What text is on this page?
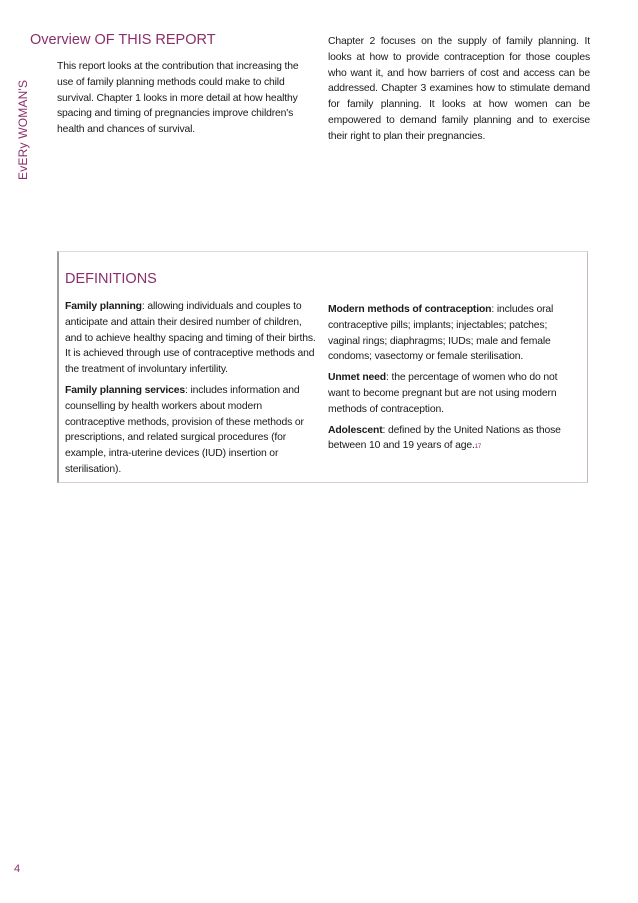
EvERy WOMAN'S
Overview OF THIS REPORT
This report looks at the contribution that increasing the use of family planning methods could make to child survival. Chapter 1 looks in more detail at how healthy spacing and timing of pregnancies improve children's health and chances of survival.
Chapter 2 focuses on the supply of family planning. It looks at how to provide contraception for those couples who want it, and how barriers of cost and access can be addressed. Chapter 3 examines how to stimulate demand for family planning. It looks at how women can be empowered to demand family planning and to exercise their right to plan their pregnancies.
DEFINITIONS

Family planning: allowing individuals and couples to anticipate and attain their desired number of children, and to achieve healthy spacing and timing of their births. It is achieved through use of contraceptive methods and the treatment of involuntary infertility.

Family planning services: includes information and counselling by health workers about modern contraceptive methods, provision of these methods or prescriptions, and related surgical procedures (for example, intra-uterine devices (IUD) insertion or sterilisation).

Modern methods of contraception: includes oral contraceptive pills; implants; injectables; patches; vaginal rings; diaphragms; IUDs; male and female condoms; vasectomy or female sterilisation.

Unmet need: the percentage of women who do not want to become pregnant but are not using modern methods of contraception.

Adolescent: defined by the United Nations as those between 10 and 19 years of age.17

4
